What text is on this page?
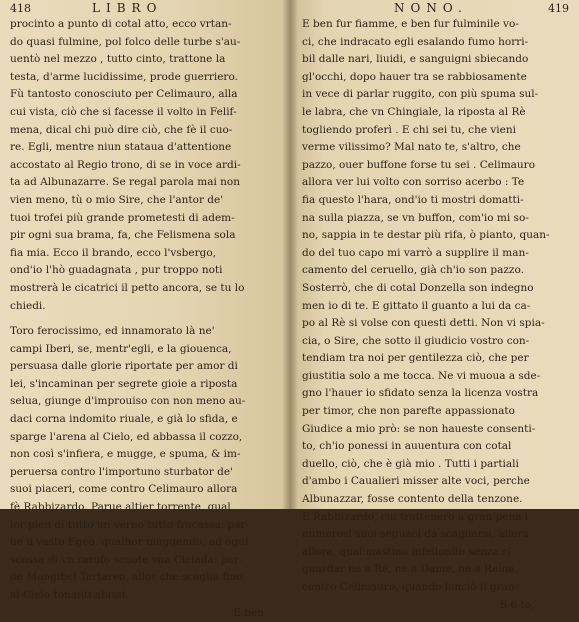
418	LIBRO
procinto a punto di cotal atto, ecco vrtan-
do quasi fulmine, pol folco delle turbe s'au-
uentò nel mezzo , tutto cinto, trattone la
testa, d'arme lucidissime, prode guerriero.
Fù tantosto conosciuto per Celimauro, alla
cui vista, ciò che si facesse il volto in Felif-
mena, dical chi può dire ciò, che fè il cuo-
re. Egli, mentre niun stataua d'attentione
accostato al Regio trono, di se in voce ardi-
ta ad Albunazarre. Se regal parola mai non
vien meno, tù o mio Sire, che l'antor de'
tuoi trofei più grande prometesti di adem-
pir ogni sua brama, fa, che Felismena sola
fia mia. Ecco il brando, ecco l'vsbergo,
ond'io l'hò guadagnata , pur troppo noti
mostrerà le cicatrici il petto ancora, se tu lo
chiedi.
Toro ferocissimo, ed innamorato là ne'
campi Iberi, se, mentr'egli, e la giouenca,
persuasa dalle glorie riportate per amor di
lei, s'incaminan per segrete gioie a riposta
selua, giunge d'improuiso con non meno au-
daci corna indomito riuale, e già lo sfida, e
sparge l'arena al Cielo, ed abbassa il cozzo,
non così s'infiera, e mugge, e spuma, & im-
peruersa contro l'importuno sturbator de'
suoi piaceri, come contro Celimauro allora
fè Rabbizardo. Parue altier torrente, qual
lor pien di tutto un verno tutto fracassa: par-
ue il vasto Egeo, qualhor muggendo, ad ogni
scossa di vn rarofo scuote vna Ciclada: par-
ue Mongibel Tartareo, allor che scaglia fino
al Cielo tonanti abissi.
E ben
NONO.	419
E ben fur fiamme, e ben fur fulminile vo-
ci, che indracato egli esalando fumo horri-
bil dalle nari, liuidi, e sanguigni sbiecando
gl'occhi, dopo hauer tra se rabbiosamente
in vece di parlar ruggito, con più spuma sul-
le labra, che vn Chingiale, la riposta al Rè
togliendo proferì . E chi sei tu, che vieni
verme vilissimo? Mal nato te, s'altro, che
pazzo, ouer buffone forse tu sei . Celimauro
allora ver lui volto con sorriso acerbo : Te
fia questo l'hara, ond'io ti mostri domatti-
na sulla piazza, se vn buffon, com'io mi so-
no, sappia in te destar più rifa, ò pianto, quan-
do del tuo capo mi varrò a supplire il man-
camento del ceruello, già ch'io son pazzo.
Sosterrò, che di cotal Donzella son indegno
men io di te. E gittato il guanto a lui da ca-
po al Rè si volse con questi detti. Non vi spia-
cia, o Sire, che sotto il giudicio vostro con-
tendiam tra noi per gentilezza ciò, che per
giustitia solo a me tocca. Ne vi muoua a sde-
gno l'hauer io sfidato senza la licenza vostra
per timor, che non parefte appassionato
Giudice a mio prò: se non haueste consenti-
to, ch'io ponessi in auuentura con cotal
duello, ciò, che è già mio . Tutti i partiali
d'ambo i Caualieri misser alte voci, perche
Albunazzar, fosse contento della tenzone.
E Rabbizardo, cui trattenero a gran pena i
numerosi suoi seguaci da scagliarsi, allora
allora, qual mastino infellonito senza ri-
guardar ne a Rè, ne a Dame, ne a Reina,
contro Celimauro, quando lanciò il gran-
S 6 to,
